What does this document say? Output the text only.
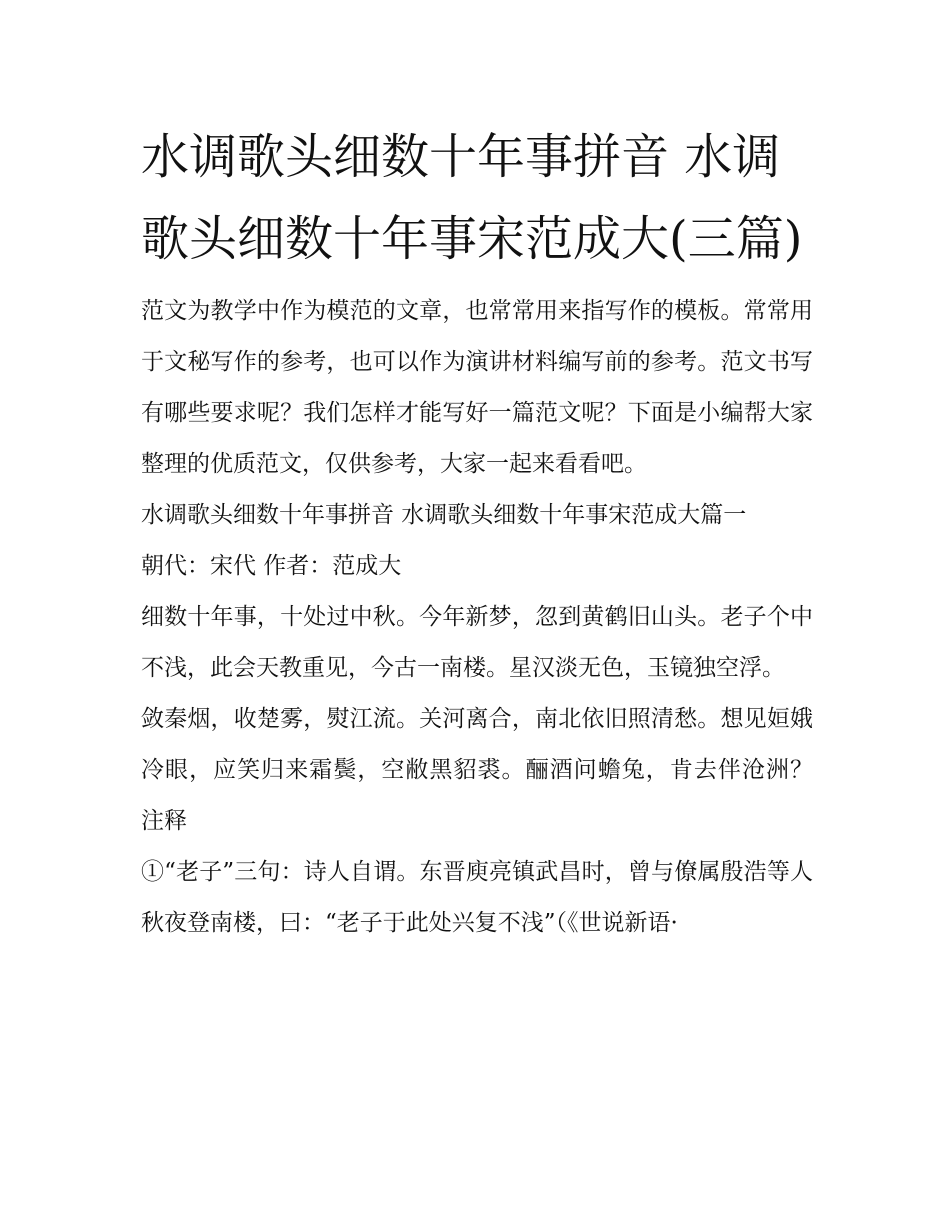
水调歌头细数十年事拼音 水调歌头细数十年事宋范成大(三篇)

范文为教学中作为模范的文章，也常常用来指写作的模板。常常用于文秘写作的参考，也可以作为演讲材料编写前的参考。范文书写有哪些要求呢？我们怎样才能写好一篇范文呢？下面是小编帮大家整理的优质范文，仅供参考，大家一起来看看吧。

水调歌头细数十年事拼音 水调歌头细数十年事宋范成大篇一

朝代：宋代 作者：范成大

细数十年事，十处过中秋。今年新梦，忽到黄鹤旧山头。老子个中不浅，此会天教重见，今古一南楼。星汉淡无色，玉镜独空浮。

敛秦烟，收楚雾，熨江流。关河离合，南北依旧照清愁。想见姮娥冷眼，应笑归来霜鬓，空敝黑貂裘。酾酒问蟾兔，肯去伴沧洲？ 注释

①“老子”三句：诗人自谓。东晋庾亮镇武昌时，曾与僚属殷浩等人秋夜登南楼，曰：“老子于此处兴复不浅”（《世说新语·
